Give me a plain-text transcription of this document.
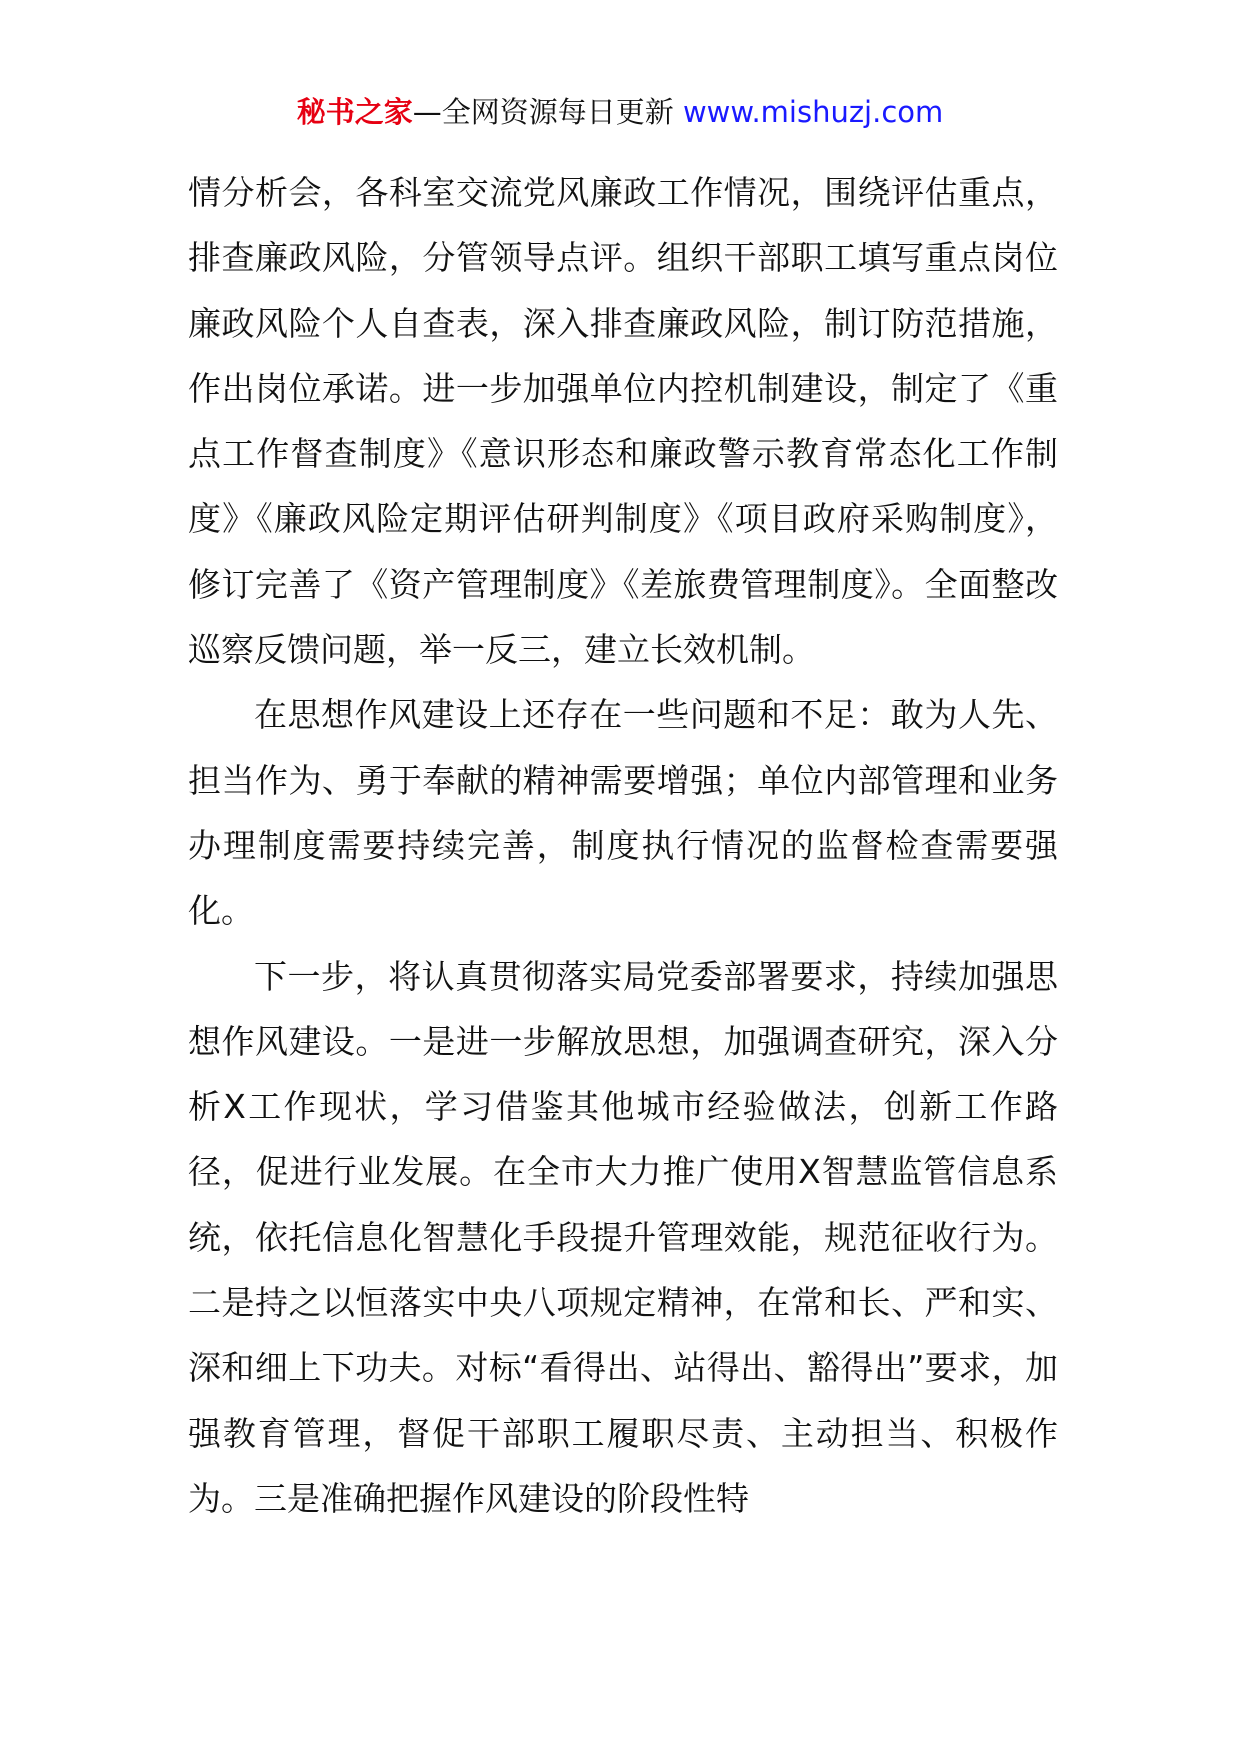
秘书之家—全网资源每日更新 www.mishuzj.com

情分析会，各科室交流党风廉政工作情况，围绕评估重点，排查廉政风险，分管领导点评。组织干部职工填写重点岗位廉政风险个人自查表，深入排查廉政风险，制订防范措施，作出岗位承诺。进一步加强单位内控机制建设，制定了《重点工作督查制度》《意识形态和廉政警示教育常态化工作制度》《廉政风险定期评估研判制度》《项目政府采购制度》，修订完善了《资产管理制度》《差旅费管理制度》。全面整改巡察反馈问题，举一反三，建立长效机制。

在思想作风建设上还存在一些问题和不足：敢为人先、担当作为、勇于奉献的精神需要增强；单位内部管理和业务办理制度需要持续完善，制度执行情况的监督检查需要强化。

下一步，将认真贯彻落实局党委部署要求，持续加强思想作风建设。一是进一步解放思想，加强调查研究，深入分析X工作现状，学习借鉴其他城市经验做法，创新工作路径，促进行业发展。在全市大力推广使用X智慧监管信息系统，依托信息化智慧化手段提升管理效能，规范征收行为。二是持之以恒落实中央八项规定精神，在常和长、严和实、深和细上下功夫。对标“看得出、站得出、豁得出”要求，加强教育管理，督促干部职工履职尽责、主动担当、积极作为。三是准确把握作风建设的阶段性特
